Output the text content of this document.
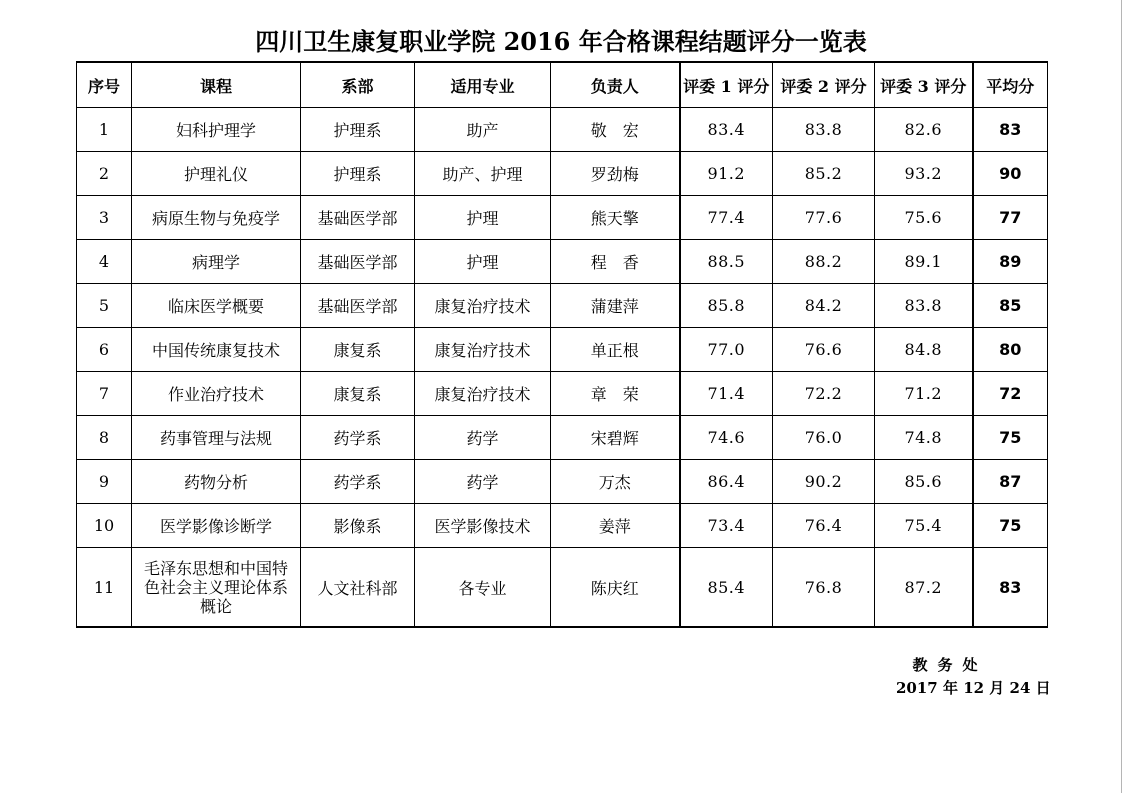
四川卫生康复职业学院 2016 年合格课程结题评分一览表
序号	课程	系部	适用专业	负责人	评委 1 评分	评委 2 评分	评委 3 评分	平均分
1	妇科护理学	护理系	助产	敬　宏	83.4	83.8	82.6	83
2	护理礼仪	护理系	助产、护理	罗劲梅	91.2	85.2	93.2	90
3	病原生物与免疫学	基础医学部	护理	熊天擎	77.4	77.6	75.6	77
4	病理学	基础医学部	护理	程　香	88.5	88.2	89.1	89
5	临床医学概要	基础医学部	康复治疗技术	蒲建萍	85.8	84.2	83.8	85
6	中国传统康复技术	康复系	康复治疗技术	单正根	77.0	76.6	84.8	80
7	作业治疗技术	康复系	康复治疗技术	章　荣	71.4	72.2	71.2	72
8	药事管理与法规	药学系	药学	宋碧辉	74.6	76.0	74.8	75
9	药物分析	药学系	药学	万杰	86.4	90.2	85.6	87
10	医学影像诊断学	影像系	医学影像技术	姜萍	73.4	76.4	75.4	75
11	毛泽东思想和中国特色社会主义理论体系概论	人文社科部	各专业	陈庆红	85.4	76.8	87.2	83
教务处
2017 年 12 月 24 日
